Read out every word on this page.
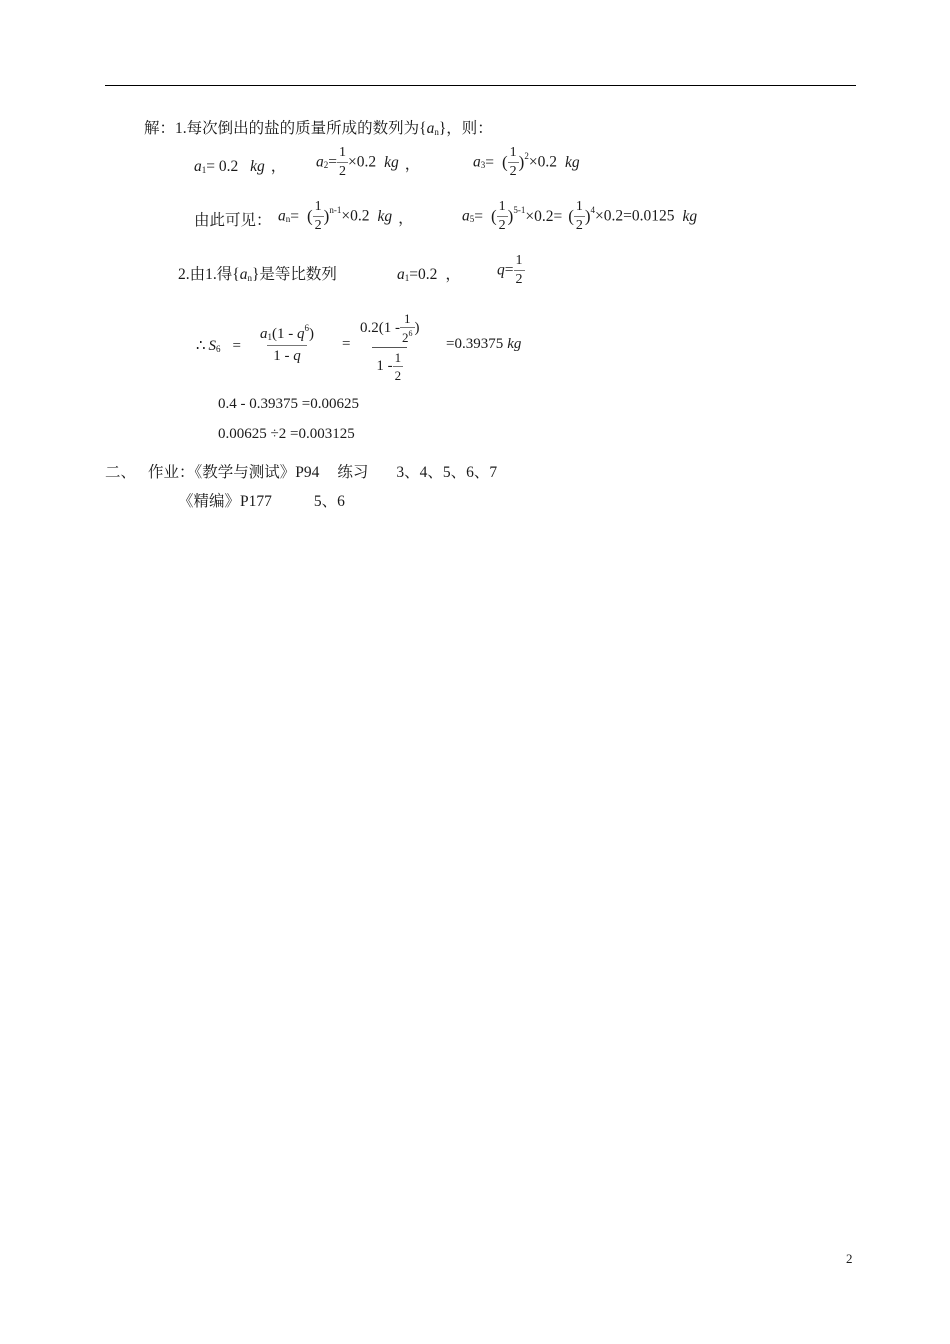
解：1.每次倒出的盐的质量所成的数列为$\{a_n\}$，则：
$a_1= 0.2$ kg ， $a_2= \frac{1}{2} \times 0.2$ kg ，	$a_3=$ ( $\frac{1}{2} )^2\times 0.2$ kg
由此可见： $a_n=$ ( $\frac{1}{2} )^{n-1}\times 0.2$ kg ，	$a_5=$ ( $\frac{1}{2} )^{5-1}\times 0.2=$ ( $\frac{1}{2} )^4\times 0.2=0.0125$ kg
2.由1.得$\{a_n\}$是等比数列	$a_1=0.2$ ， $q= \frac{1}{2}$
∴ $S_6 = \frac{a_1(1 - q^6)}{1 - q} = \frac{0.2(1 - \frac{1}{2^6} )}{1 - \frac{1}{2}} =0.39375$ kg
0.4 - 0.39375 =0.00625
0.00625 ÷2 =0.003125
二、 作业：《教学与测试》P94 练习 3、4、5、6、7
《精编》P177	5、6
2
